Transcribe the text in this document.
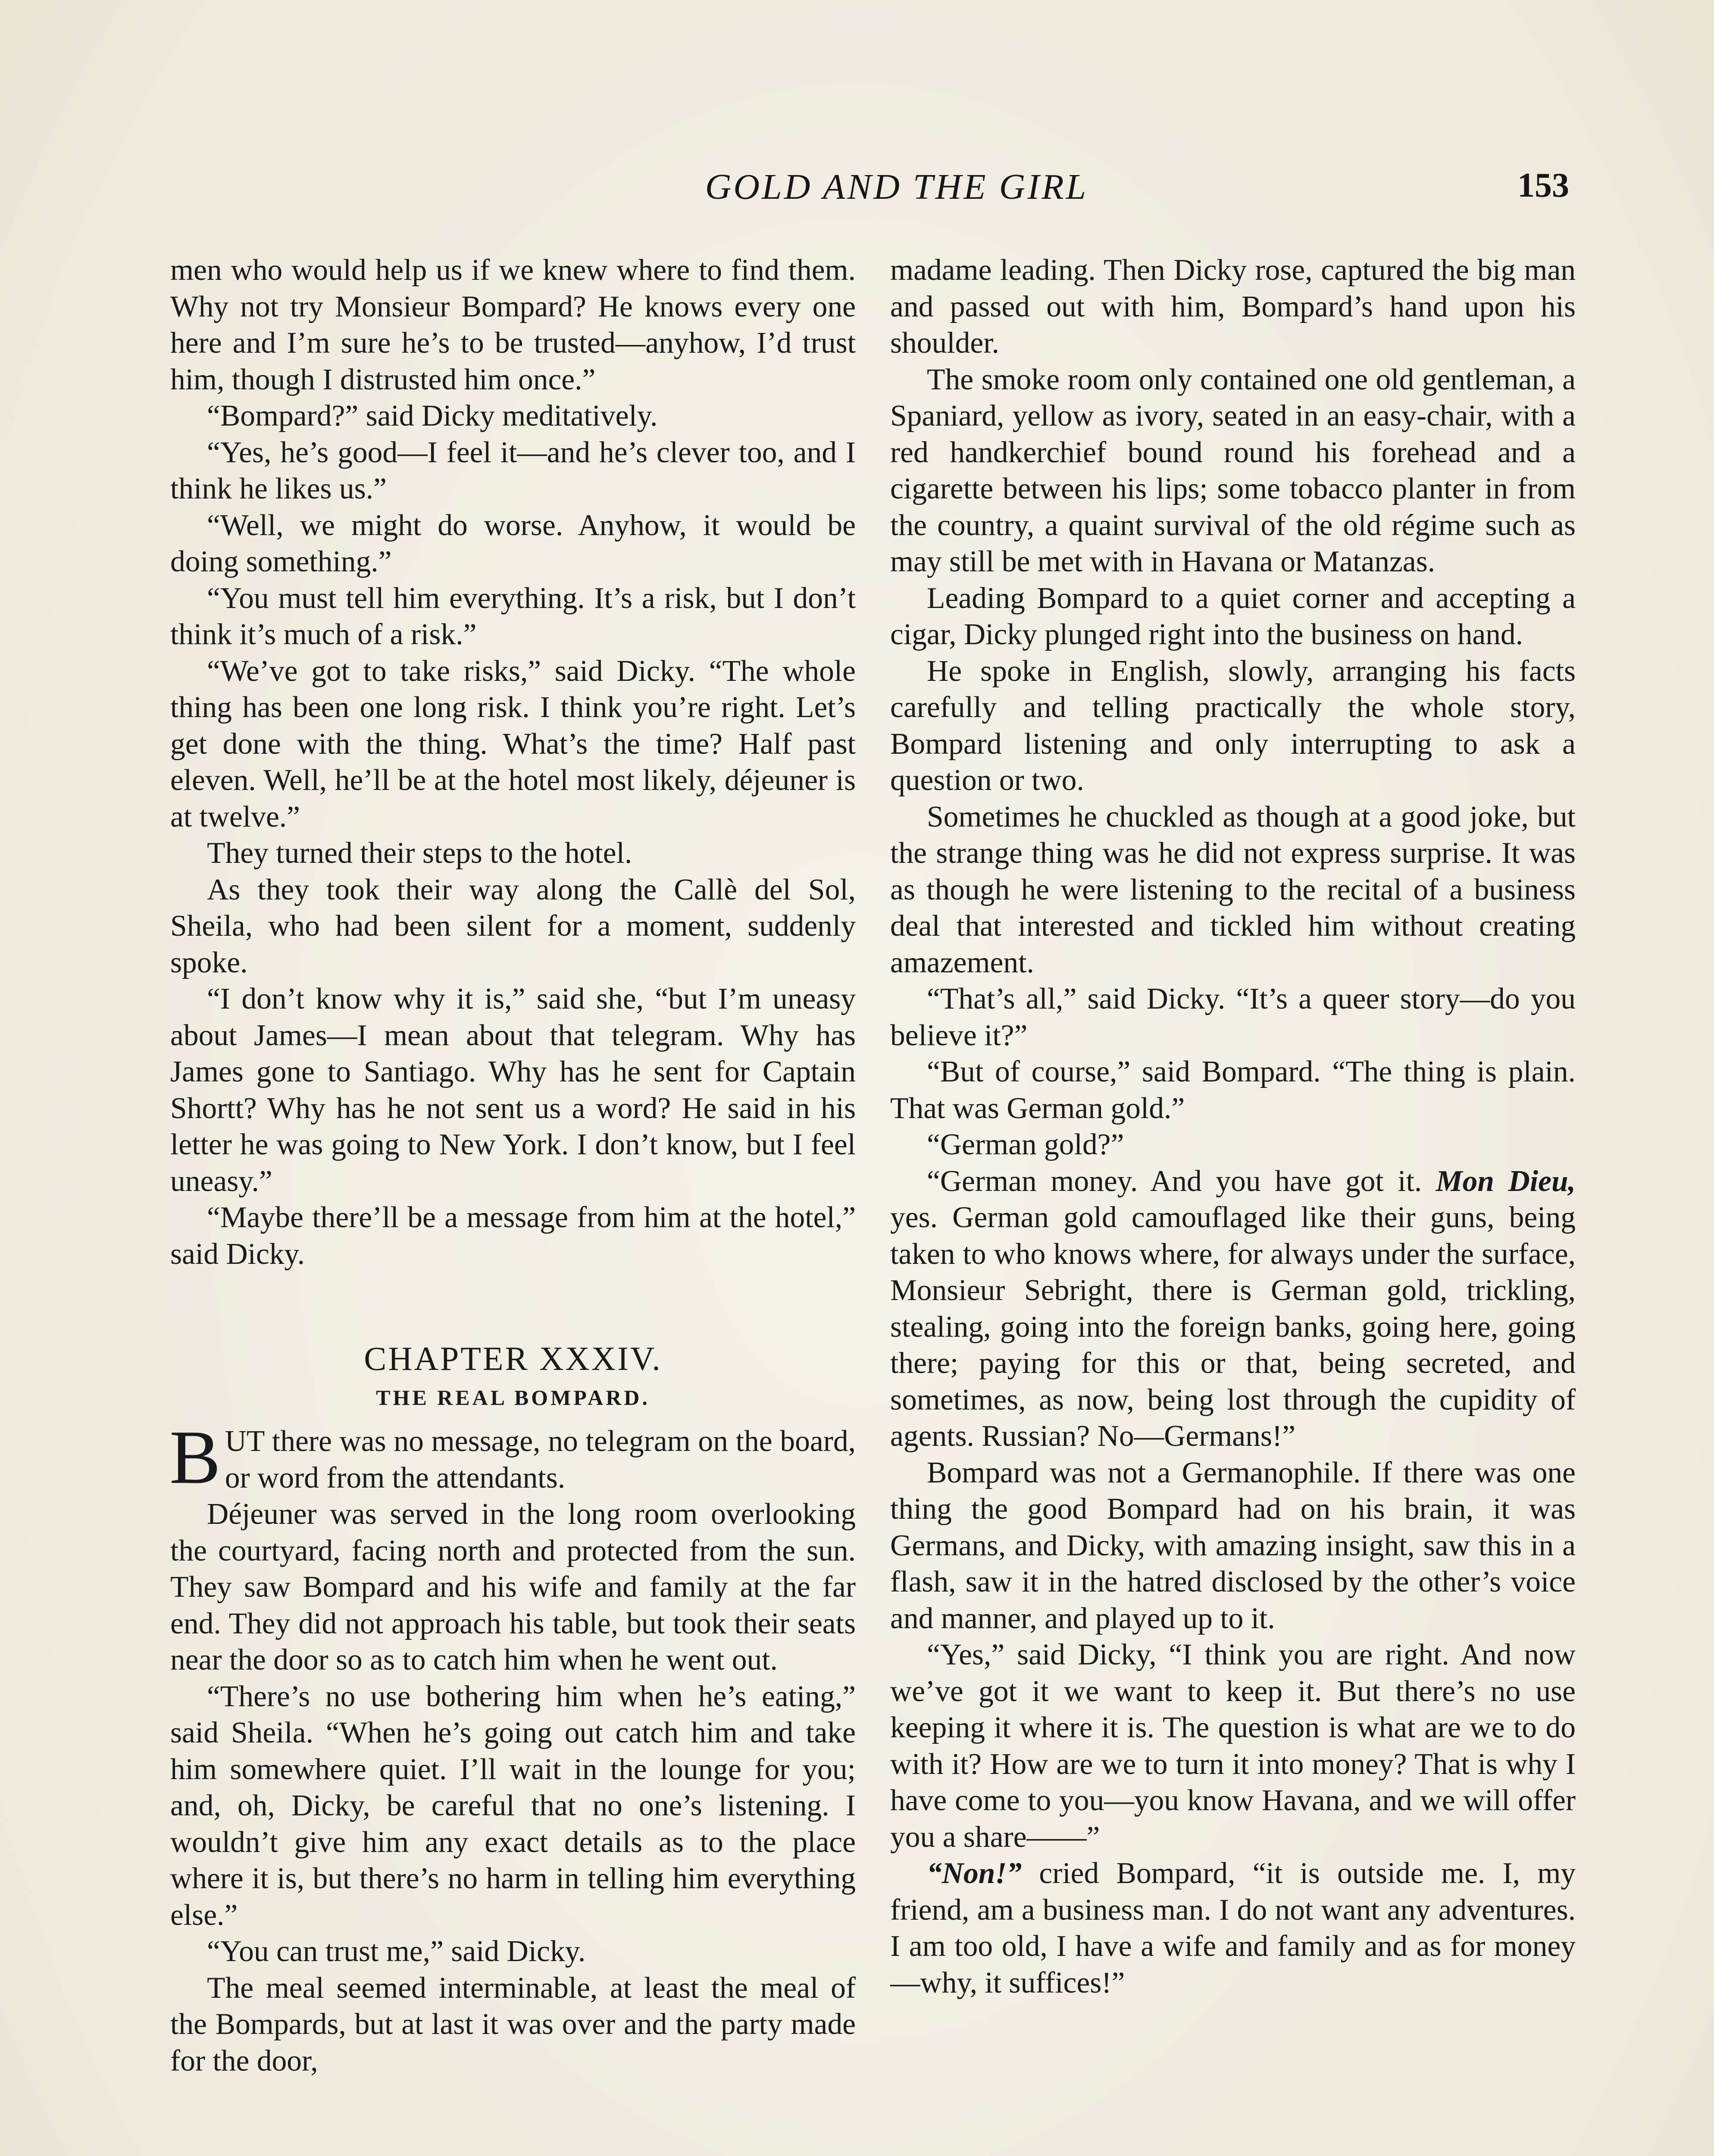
GOLD AND THE GIRL	153

men who would help us if we knew where to find them. Why not try Monsieur Bompard? He knows every one here and I’m sure he’s to be trusted—anyhow, I’d trust him, though I distrusted him once.”

“Bompard?” said Dicky meditatively.

“Yes, he’s good—I feel it—and he’s clever too, and I think he likes us.”

“Well, we might do worse. Anyhow, it would be doing something.”

“You must tell him everything. It’s a risk, but I don’t think it’s much of a risk.”

“We’ve got to take risks,” said Dicky. “The whole thing has been one long risk. I think you’re right. Let’s get done with the thing. What’s the time? Half past eleven. Well, he’ll be at the hotel most likely, déjeuner is at twelve.”

They turned their steps to the hotel.

As they took their way along the Callè del Sol, Sheila, who had been silent for a moment, suddenly spoke.

“I don’t know why it is,” said she, “but I’m uneasy about James—I mean about that telegram. Why has James gone to Santiago. Why has he sent for Captain Shortt? Why has he not sent us a word? He said in his letter he was going to New York. I don’t know, but I feel uneasy.”

“Maybe there’ll be a message from him at the hotel,” said Dicky.

CHAPTER XXXIV.
THE REAL BOMPARD.

BUT there was no message, no telegram on the board, or word from the attendants.

Déjeuner was served in the long room overlooking the courtyard, facing north and protected from the sun. They saw Bompard and his wife and family at the far end. They did not approach his table, but took their seats near the door so as to catch him when he went out.

“There’s no use bothering him when he’s eating,” said Sheila. “When he’s going out catch him and take him somewhere quiet. I’ll wait in the lounge for you; and, oh, Dicky, be careful that no one’s listening. I wouldn’t give him any exact details as to the place where it is, but there’s no harm in telling him everything else.”

“You can trust me,” said Dicky.

The meal seemed interminable, at least the meal of the Bompards, but at last it was over and the party made for the door,

madame leading. Then Dicky rose, captured the big man and passed out with him, Bompard’s hand upon his shoulder.

The smoke room only contained one old gentleman, a Spaniard, yellow as ivory, seated in an easy-chair, with a red handkerchief bound round his forehead and a cigarette between his lips; some tobacco planter in from the country, a quaint survival of the old régime such as may still be met with in Havana or Matanzas.

Leading Bompard to a quiet corner and accepting a cigar, Dicky plunged right into the business on hand.

He spoke in English, slowly, arranging his facts carefully and telling practically the whole story, Bompard listening and only interrupting to ask a question or two.

Sometimes he chuckled as though at a good joke, but the strange thing was he did not express surprise. It was as though he were listening to the recital of a business deal that interested and tickled him without creating amazement.

“That’s all,” said Dicky. “It’s a queer story—do you believe it?”

“But of course,” said Bompard. “The thing is plain. That was German gold.”

“German gold?”

“German money. And you have got it. Mon Dieu, yes. German gold camouflaged like their guns, being taken to who knows where, for always under the surface, Monsieur Sebright, there is German gold, trickling, stealing, going into the foreign banks, going here, going there; paying for this or that, being secreted, and sometimes, as now, being lost through the cupidity of agents. Russian? No—Germans!”

Bompard was not a Germanophile. If there was one thing the good Bompard had on his brain, it was Germans, and Dicky, with amazing insight, saw this in a flash, saw it in the hatred disclosed by the other’s voice and manner, and played up to it.

“Yes,” said Dicky, “I think you are right. And now we’ve got it we want to keep it. But there’s no use keeping it where it is. The question is what are we to do with it? How are we to turn it into money? That is why I have come to you—you know Havana, and we will offer you a share——”

“Non!” cried Bompard, “it is outside me. I, my friend, am a business man. I do not want any adventures. I am too old, I have a wife and family and as for money—why, it suffices!”
